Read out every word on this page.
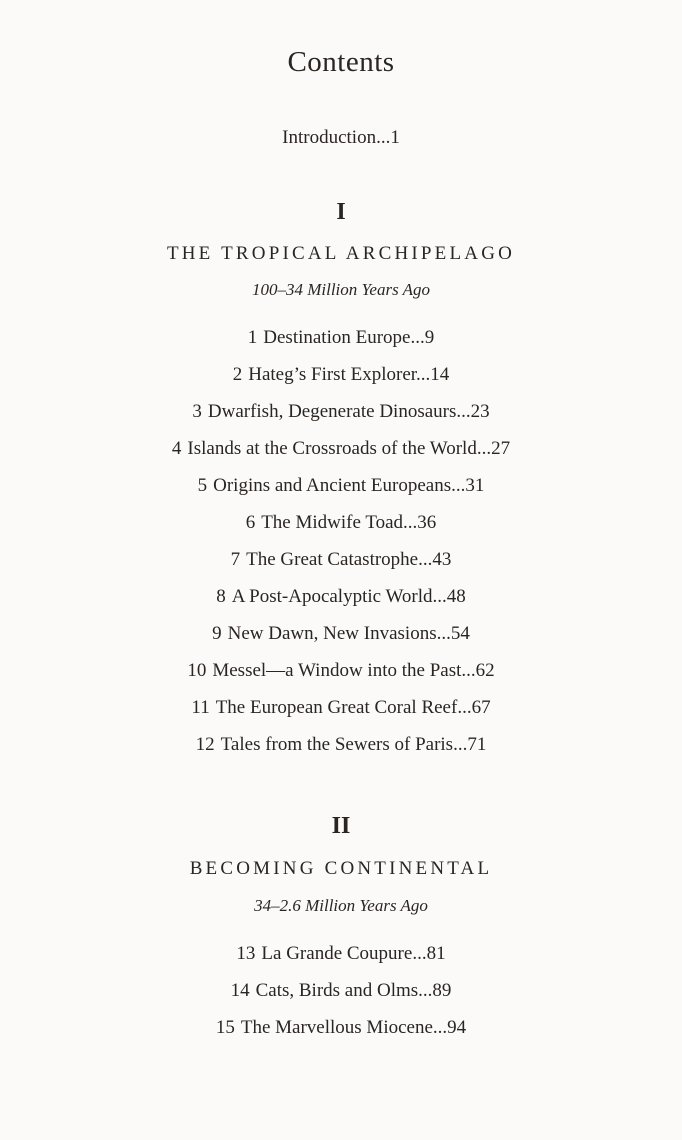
Contents
Introduction...1
I
THE TROPICAL ARCHIPELAGO
100–34 Million Years Ago
1 Destination Europe...9
2 Hateg’s First Explorer...14
3 Dwarfish, Degenerate Dinosaurs...23
4 Islands at the Crossroads of the World...27
5 Origins and Ancient Europeans...31
6 The Midwife Toad...36
7 The Great Catastrophe...43
8 A Post-Apocalyptic World...48
9 New Dawn, New Invasions...54
10 Messel—a Window into the Past...62
11 The European Great Coral Reef...67
12 Tales from the Sewers of Paris...71
II
BECOMING CONTINENTAL
34–2.6 Million Years Ago
13 La Grande Coupure...81
14 Cats, Birds and Olms...89
15 The Marvellous Miocene...94
